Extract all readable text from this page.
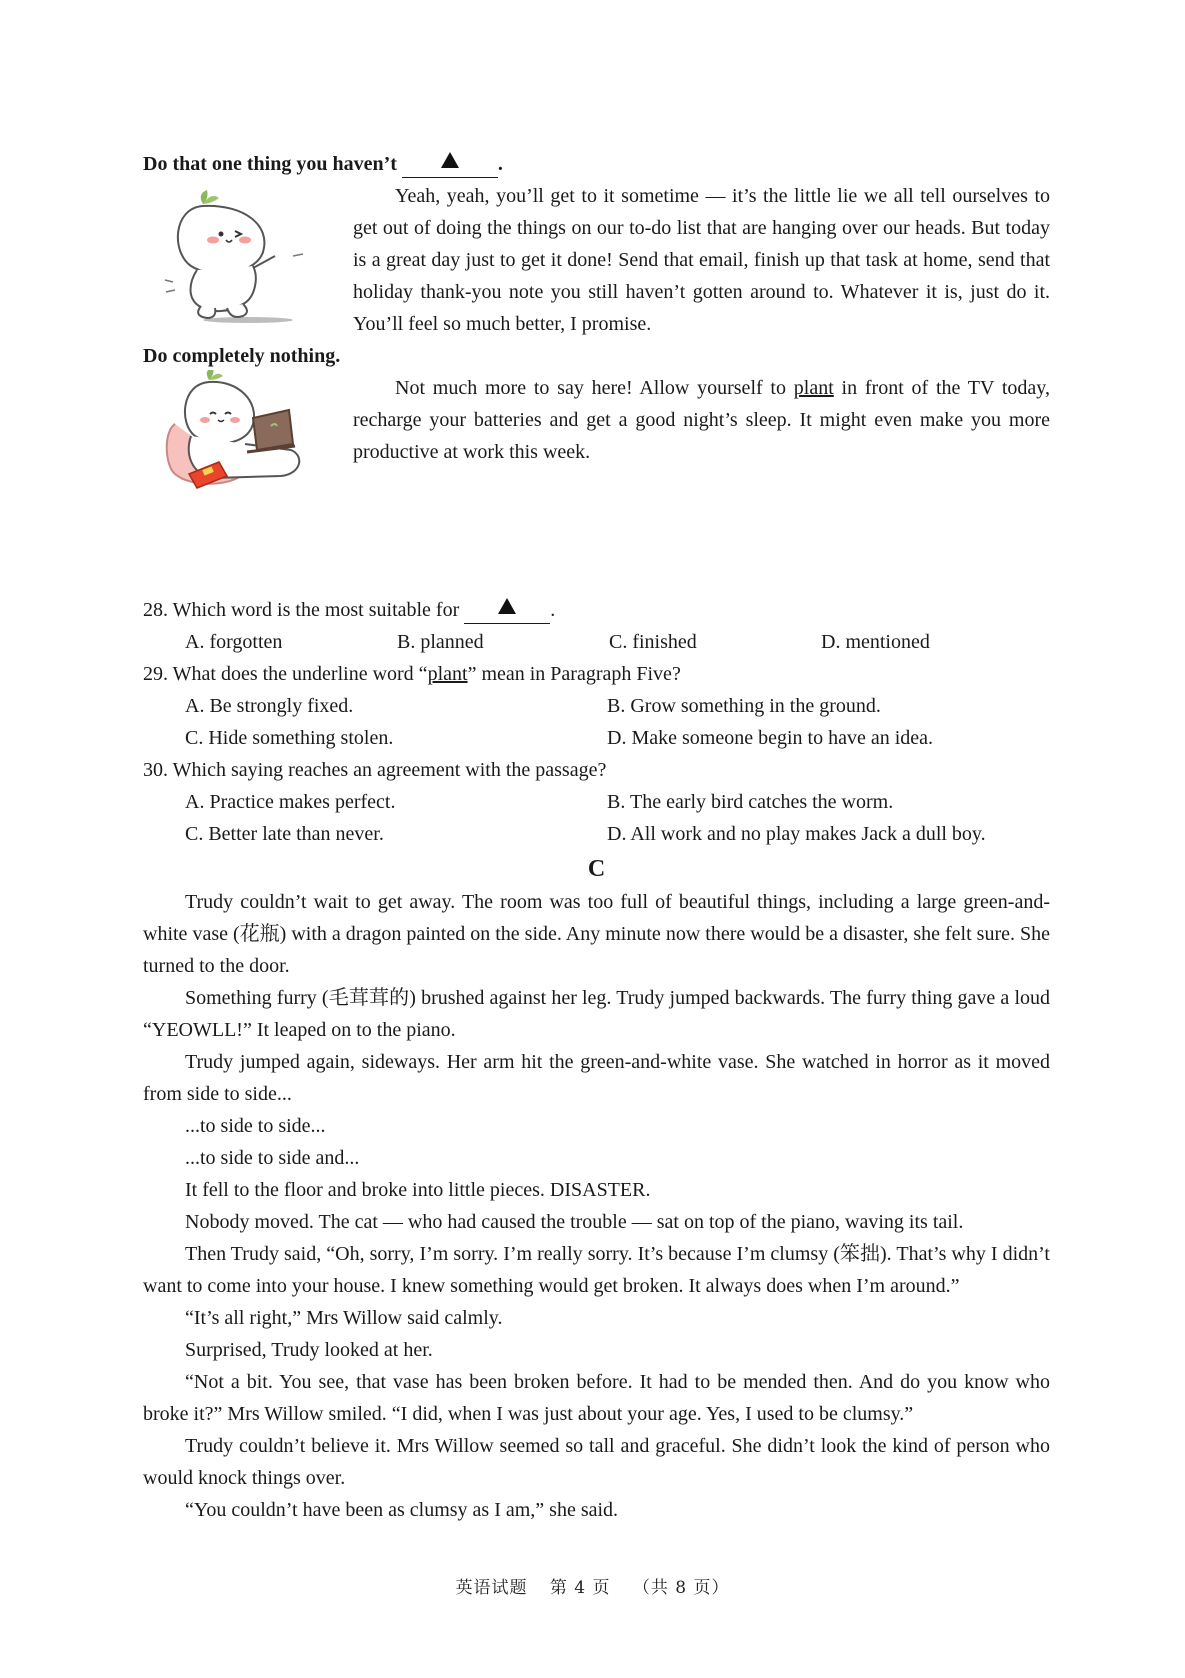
Do that one thing you haven’t	.

Yeah, yeah, you’ll get to it sometime — it’s the little lie we all tell ourselves to get out of doing the things on our to-do list that are hanging over our heads. But today is a great day just to get it done! Send that email, finish up that task at home, send that holiday thank-you note you still haven’t gotten around to. Whatever it is, just do it. You’ll feel so much better, I promise.

Do completely nothing.

Not much more to say here! Allow yourself to plant in front of the TV today, recharge your batteries and get a good night’s sleep. It might even make you more productive at work this week.

28. Which word is the most suitable for	.
A. forgotten	B. planned	C. finished	D. mentioned
29. What does the underline word “plant” mean in Paragraph Five?
A. Be strongly fixed.	B. Grow something in the ground.
C. Hide something stolen.	D. Make someone begin to have an idea.
30. Which saying reaches an agreement with the passage?
A. Practice makes perfect.	B. The early bird catches the worm.
C. Better late than never.	D. All work and no play makes Jack a dull boy.
C

Trudy couldn’t wait to get away. The room was too full of beautiful things, including a large green-and-white vase (花瓶) with a dragon painted on the side. Any minute now there would be a disaster, she felt sure. She turned to the door.

Something furry (毛茸茸的) brushed against her leg. Trudy jumped backwards. The furry thing gave a loud “YEOWLL!” It leaped on to the piano.

Trudy jumped again, sideways. Her arm hit the green-and-white vase. She watched in horror as it moved from side to side...

...to side to side...

...to side to side and...

It fell to the floor and broke into little pieces. DISASTER.

Nobody moved. The cat — who had caused the trouble — sat on top of the piano, waving its tail.

Then Trudy said, “Oh, sorry, I’m sorry. I’m really sorry. It’s because I’m clumsy (笨拙). That’s why I didn’t want to come into your house. I knew something would get broken. It always does when I’m around.”

“It’s all right,” Mrs Willow said calmly.

Surprised, Trudy looked at her.

“Not a bit. You see, that vase has been broken before. It had to be mended then. And do you know who broke it?” Mrs Willow smiled. “I did, when I was just about your age. Yes, I used to be clumsy.”

Trudy couldn’t believe it. Mrs Willow seemed so tall and graceful. She didn’t look the kind of person who would knock things over.

“You couldn’t have been as clumsy as I am,” she said.

英语试题 第 4 页 （共 8 页）
